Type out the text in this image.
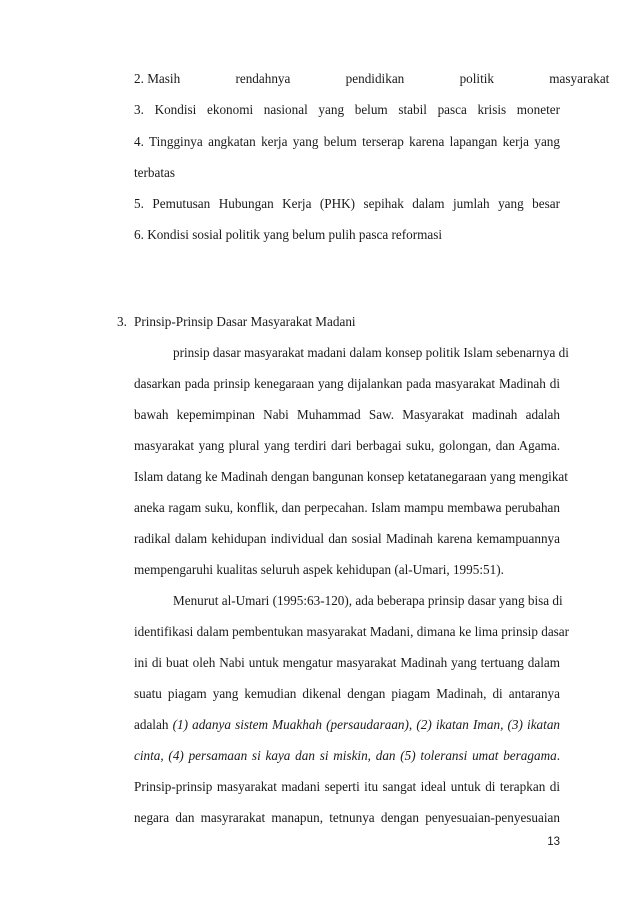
2. Masih rendahnya pendidikan politik masyarakat
3. Kondisi ekonomi nasional yang belum stabil pasca krisis moneter
4. Tingginya angkatan kerja yang belum terserap karena lapangan kerja yang
terbatas
5. Pemutusan Hubungan Kerja (PHK) sepihak dalam jumlah yang besar
6. Kondisi sosial politik yang belum pulih pasca reformasi
3. Prinsip-Prinsip Dasar Masyarakat Madani
prinsip dasar masyarakat madani dalam konsep politik Islam sebenarnya di
dasarkan pada prinsip kenegaraan yang dijalankan pada masyarakat Madinah di
bawah kepemimpinan Nabi Muhammad Saw. Masyarakat madinah adalah
masyarakat yang plural yang terdiri dari berbagai suku, golongan, dan Agama.
Islam datang ke Madinah dengan bangunan konsep ketatanegaraan yang mengikat
aneka ragam suku, konflik, dan perpecahan. Islam mampu membawa perubahan
radikal dalam kehidupan individual dan sosial Madinah karena kemampuannya
mempengaruhi kualitas seluruh aspek kehidupan (al-Umari, 1995:51).
Menurut al-Umari (1995:63-120), ada beberapa prinsip dasar yang bisa di
identifikasi dalam pembentukan masyarakat Madani, dimana ke lima prinsip dasar
ini di buat oleh Nabi untuk mengatur masyarakat Madinah yang tertuang dalam
suatu piagam yang kemudian dikenal dengan piagam Madinah, di antaranya
adalah (1) adanya sistem Muakhah (persaudaraan), (2) ikatan Iman, (3) ikatan
cinta, (4) persamaan si kaya dan si miskin, dan (5) toleransi umat beragama.
Prinsip-prinsip masyarakat madani seperti itu sangat ideal untuk di terapkan di
negara dan masyrarakat manapun, tetnunya dengan penyesuaian-penyesuaian
13
